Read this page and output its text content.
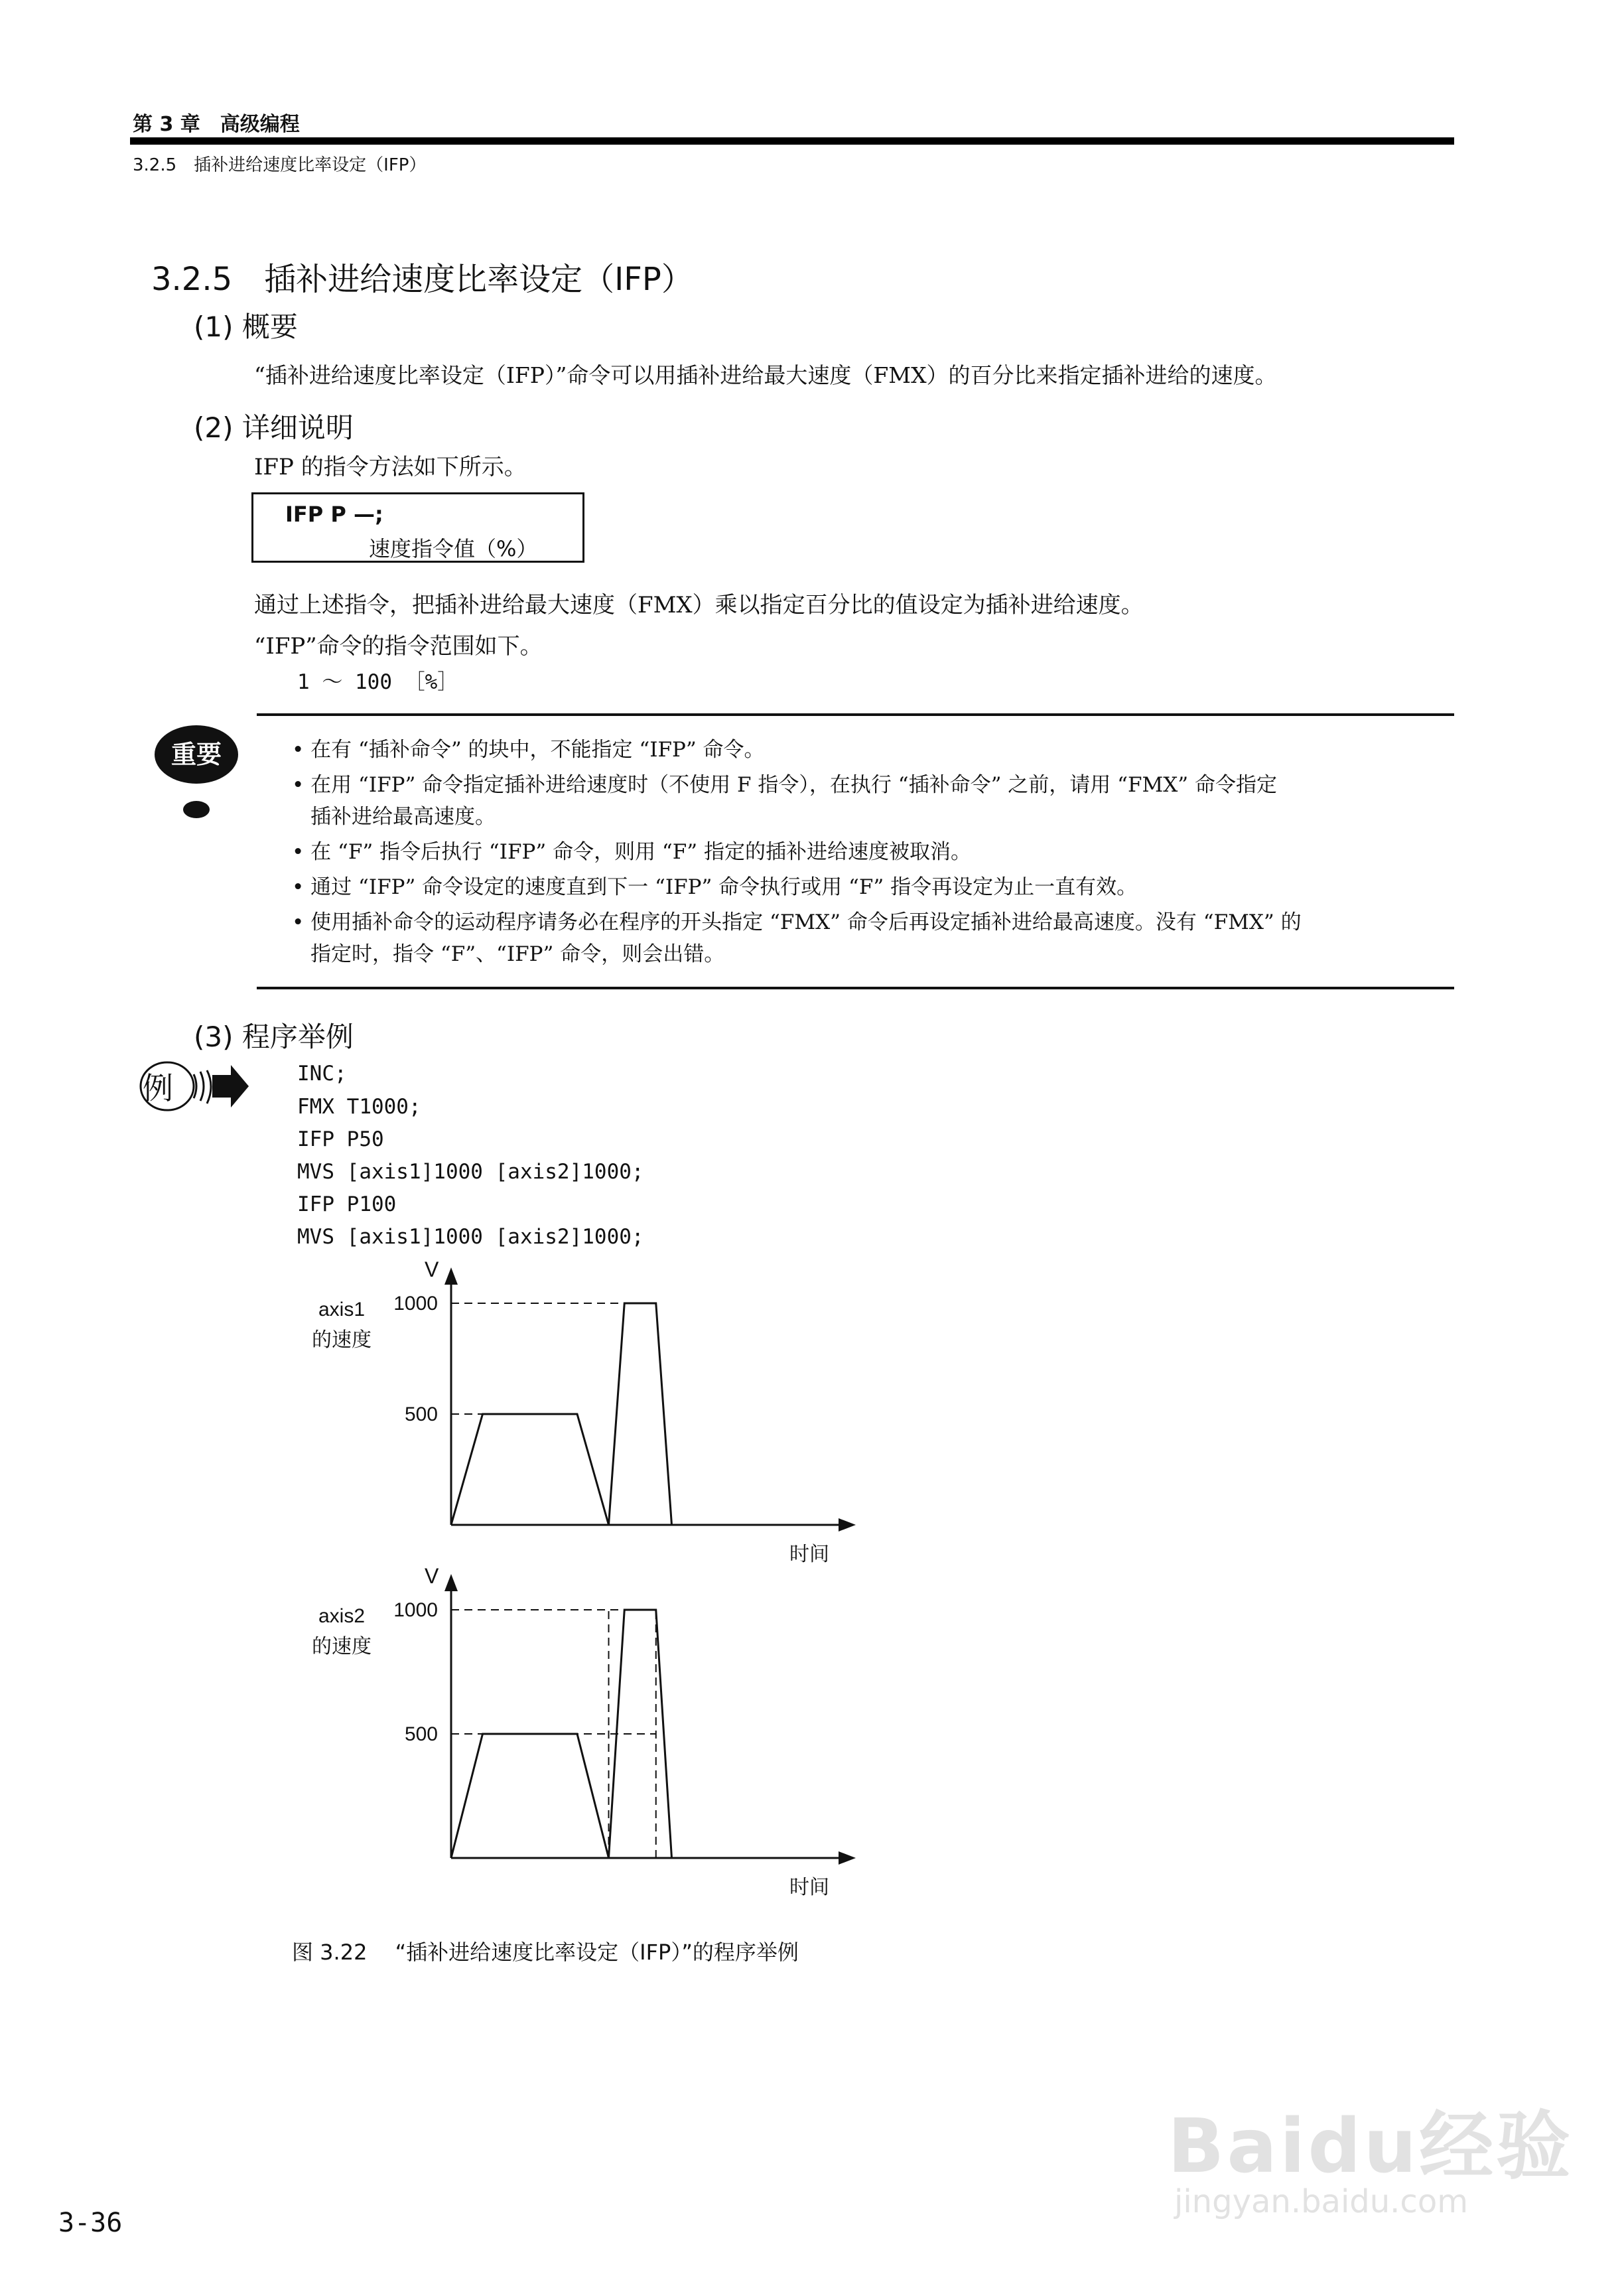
第 3 章　高级编程
3.2.5　插补进给速度比率设定（IFP）
3.2.5　插补进给速度比率设定（IFP）
(1) 概要
“插补进给速度比率设定（IFP）”命令可以用插补进给最大速度（FMX）的百分比来指定插补进给的速度。
(2) 详细说明
IFP 的指令方法如下所示。
IFP P —;
速度指令值（%）
通过上述指令，把插补进给最大速度（FMX）乘以指定百分比的值设定为插补进给速度。
“IFP”命令的指令范围如下。
1 ～ 100 ［%］
重要	• 在有 “插补命令” 的块中，不能指定 “IFP” 命令。
• 在用 “IFP” 命令指定插补进给速度时（不使用 F 指令），在执行 “插补命令” 之前，请用 “FMX” 命令指定
插补进给最高速度。
• 在 “F” 指令后执行 “IFP” 命令，则用 “F” 指定的插补进给速度被取消。
• 通过 “IFP” 命令设定的速度直到下一 “IFP” 命令执行或用 “F” 指令再设定为止一直有效。
• 使用插补命令的运动程序请务必在程序的开头指定 “FMX” 命令后再设定插补进给最高速度。没有 “FMX” 的
指定时，指令 “F”、“IFP” 命令，则会出错。
(3) 程序举例
例	INC;
FMX T1000;
IFP P50
MVS [axis1]1000 [axis2]1000;
IFP P100
MVS [axis1]1000 [axis2]1000;
V
时间
axis1
的速度
1000
500
V
时间
axis2
的速度
1000
500
图 3.22 　“插补进给速度比率设定（IFP）”的程序举例
3-36
Baidu经验
jingyan.baidu.com
